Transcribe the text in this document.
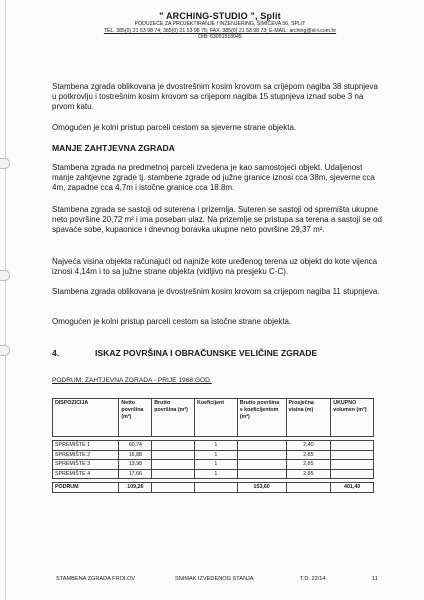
" ARCHING-STUDIO ", Split
PODUZEĆE ZA PROJEKTIRANJE I INŽENJERING, ŠIMIČEVA 56, SPLIT
TEL. 385(0) 21 53 98 74; 385(0) 21 53 98 75; FAX: 385(0) 21 53 98 73; E-MAIL: arching@st-t.com.hr
OIB: 63051518045

Stambena zgrada oblikovana je dvostrešnim kosim krovom sa crijepom nagiba 38 stupnjeva u potkrovlju i tostrešnim kosim krovom sa crijepom nagiba 15 stupnjeva iznad sobe 3 na prvom katu.

Omogućen je kolni pristup parceli cestom sa sjeverne strane objekta.

MANJE ZAHTJEVNA ZGRADA

Stambena zgrada na predmetnoj parceli izvedena je kao samostojeći objekt. Udaljenost manje zahtjevne zgrade tj. stambene zgrade od južne granice iznosi cca 38m, sjeverne cca 4m, zapadne cca 4,7m i istočne granice cca 18.8m.

Stambena zgrada se sastoji od suterena i prizemlja. Suteren se sastoji od spremišta ukupne neto površine 20,72 m² i ima poseban ulaz. Na prizemlje se pristupa sa terena a sastoji se od spavaće sobe, kupaonice i dnevnog boravka ukupne neto površine 29,37 m².

Najveća visina objekta računajući od najniže kote uređenog terena uz objekt do kote vijenca iznosi 4,14m i to sa južne strane objekta (vidljivo na presjeku C-C).

Stambena zgrada oblikovana je dvostrešnim kosim krovom sa crijepom nagiba 11 stupnjeva.

Omogućen je kolni pristup parceli cestom sa istočne strane objekta.

4.	ISKAZ POVRŠINA I OBRAČUNSKE VELIČINE ZGRADE
PODRUM: ZAHTJEVNA ZGRADA - PRIJE 1968.GOD.
DISPOZICIJA	Netto površina (m²)	Brutto površina (m²)	Koeficijent	Brutto površina s koeficijentom (m²)	Prosječna visina (m)	UKUPNO volumen (m³)

SPREMIŠTE 1	60,74		1		2,40	
SPREMIŠTE 2	16,88		1		2,85	
SPREMIŠTE 3	13,98		1		2,85	
SPREMIŠTE 4	17,66		1		2,85	

PODRUM	109,26			153,60		401,40
STAMBENA ZGRADA FROLOV	SNIMAK IZVEDENOG STANJA	T.D. 22/14	11
